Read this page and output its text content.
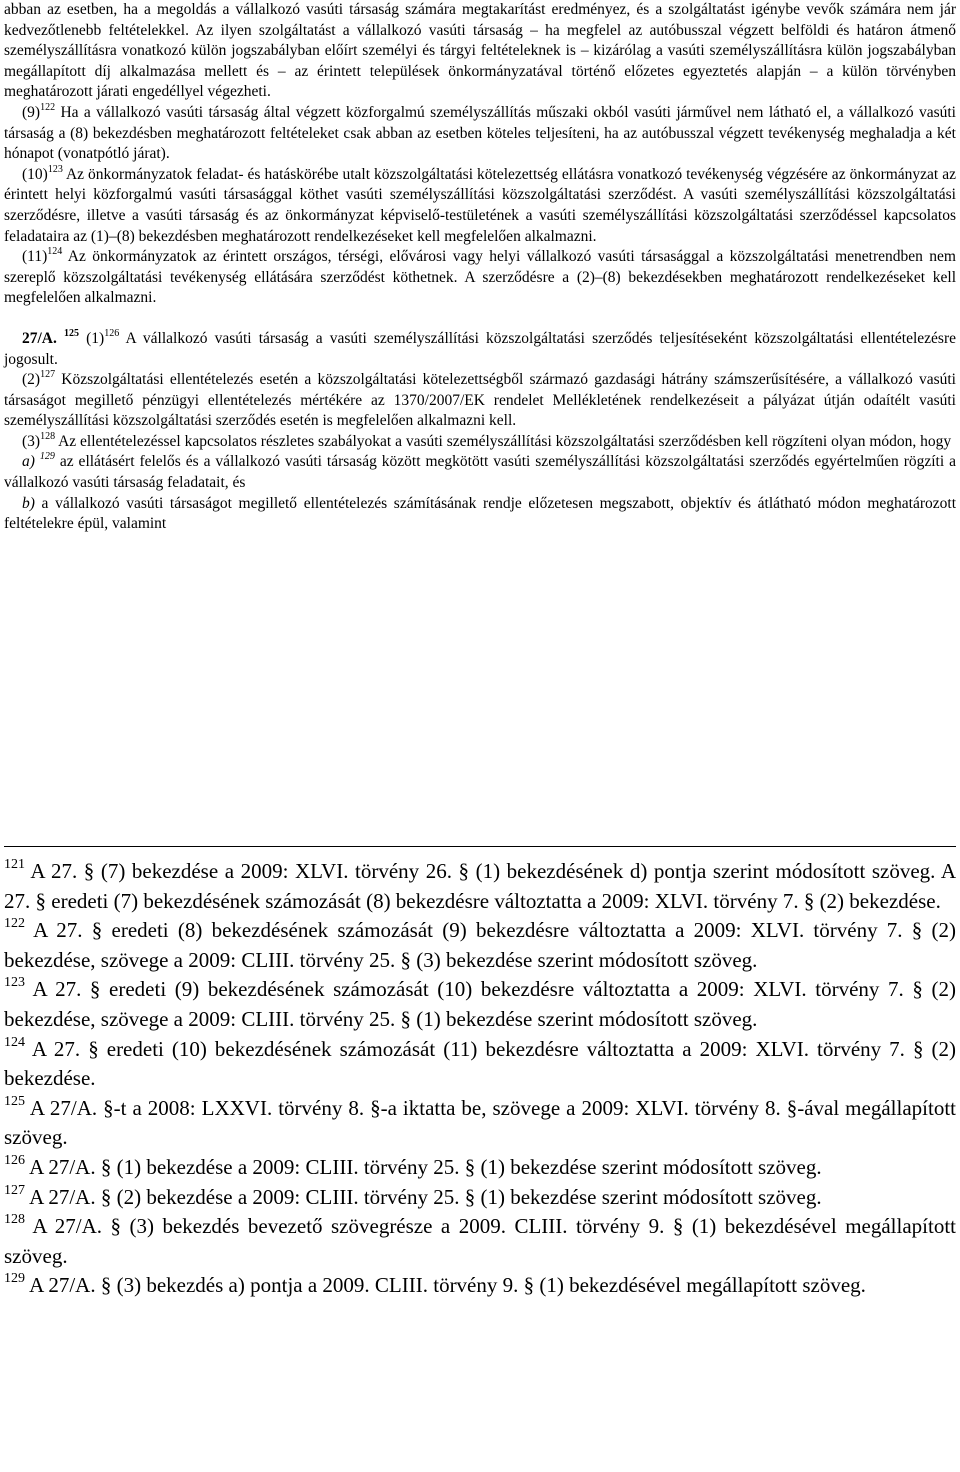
abban az esetben, ha a megoldás a vállalkozó vasúti társaság számára megtakarítást eredményez, és a szolgáltatást igénybe vevők számára nem jár kedvezőtlenebb feltételekkel. Az ilyen szolgáltatást a vállalkozó vasúti társaság – ha megfelel az autóbusszal végzett belföldi és határon átmenő személyszállításra vonatkozó külön jogszabályban előírt személyi és tárgyi feltételeknek is – kizárólag a vasúti személyszállításra külön jogszabályban megállapított díj alkalmazása mellett és – az érintett települések önkormányzatával történő előzetes egyeztetés alapján – a külön törvényben meghatározott járati engedéllyel végezheti.

$(9)^{122}$ Ha a vállalkozó vasúti társaság által végzett közforgalmú személyszállítás műszaki okból vasúti járművel nem látható el, a vállalkozó vasúti társaság a (8) bekezdésben meghatározott feltételeket csak abban az esetben köteles teljesíteni, ha az autóbusszal végzett tevékenység meghaladja a két hónapot (vonatpótló járat).

$(10)^{123}$ Az önkormányzatok feladat- és hatáskörébe utalt közszolgáltatási kötelezettség ellátásra vonatkozó tevékenység végzésére az önkormányzat az érintett helyi közforgalmú vasúti társasággal köthet vasúti személyszállítási közszolgáltatási szerződést. A vasúti személyszállítási közszolgáltatási szerződésre, illetve a vasúti társaság és az önkormányzat képviselő-testületének a vasúti személyszállítási közszolgáltatási szerződéssel kapcsolatos feladataira az (1)–(8) bekezdésben meghatározott rendelkezéseket kell megfelelően alkalmazni.

$(11)^{124}$ Az önkormányzatok az érintett országos, térségi, elővárosi vagy helyi vállalkozó vasúti társasággal a közszolgáltatási menetrendben nem szereplő közszolgáltatási tevékenység ellátására szerződést köthetnek. A szerződésre a (2)–(8) bekezdésekben meghatározott rendelkezéseket kell megfelelően alkalmazni.

27/A. $^{125}$ $(1)^{126}$ A vállalkozó vasúti társaság a vasúti személyszállítási közszolgáltatási szerződés teljesítéseként közszolgáltatási ellentételezésre jogosult.

$(2)^{127}$ Közszolgáltatási ellentételezés esetén a közszolgáltatási kötelezettségből származó gazdasági hátrány számszerűsítésére, a vállalkozó vasúti társaságot megillető pénzügyi ellentételezés mértékére az 1370/2007/EK rendelet Mellékletének rendelkezéseit a pályázat útján odaítélt vasúti személyszállítási közszolgáltatási szerződés esetén is megfelelően alkalmazni kell.

$(3)^{128}$ Az ellentételezéssel kapcsolatos részletes szabályokat a vasúti személyszállítási közszolgáltatási szerződésben kell rögzíteni olyan módon, hogy

a) $^{129}$ az ellátásért felelős és a vállalkozó vasúti társaság között megkötött vasúti személyszállítási közszolgáltatási szerződés egyértelműen rögzíti a vállalkozó vasúti társaság feladatait, és

b) a vállalkozó vasúti társaságot megillető ellentételezés számításának rendje előzetesen megszabott, objektív és átlátható módon meghatározott feltételekre épül, valamint

$^{121}$ A 27. § (7) bekezdése a 2009: XLVI. törvény 26. § (1) bekezdésének d) pontja szerint módosított szöveg. A 27. § eredeti (7) bekezdésének számozását (8) bekezdésre változtatta a 2009: XLVI. törvény 7. § (2) bekezdése.

$^{122}$ A 27. § eredeti (8) bekezdésének számozását (9) bekezdésre változtatta a 2009: XLVI. törvény 7. § (2) bekezdése, szövege a 2009: CLIII. törvény 25. § (3) bekezdése szerint módosított szöveg.

$^{123}$ A 27. § eredeti (9) bekezdésének számozását (10) bekezdésre változtatta a 2009: XLVI. törvény 7. § (2) bekezdése, szövege a 2009: CLIII. törvény 25. § (1) bekezdése szerint módosított szöveg.

$^{124}$ A 27. § eredeti (10) bekezdésének számozását (11) bekezdésre változtatta a 2009: XLVI. törvény 7. § (2) bekezdése.

$^{125}$ A 27/A. §-t a 2008: LXXVI. törvény 8. §-a iktatta be, szövege a 2009: XLVI. törvény 8. §-ával megállapított szöveg.

$^{126}$ A 27/A. § (1) bekezdése a 2009: CLIII. törvény 25. § (1) bekezdése szerint módosított szöveg.

$^{127}$ A 27/A. § (2) bekezdése a 2009: CLIII. törvény 25. § (1) bekezdése szerint módosított szöveg.

$^{128}$ A 27/A. § (3) bekezdés bevezető szövegrésze a 2009. CLIII. törvény 9. § (1) bekezdésével megállapított szöveg.

$^{129}$ A 27/A. § (3) bekezdés a) pontja a 2009. CLIII. törvény 9. § (1) bekezdésével megállapított szöveg.
